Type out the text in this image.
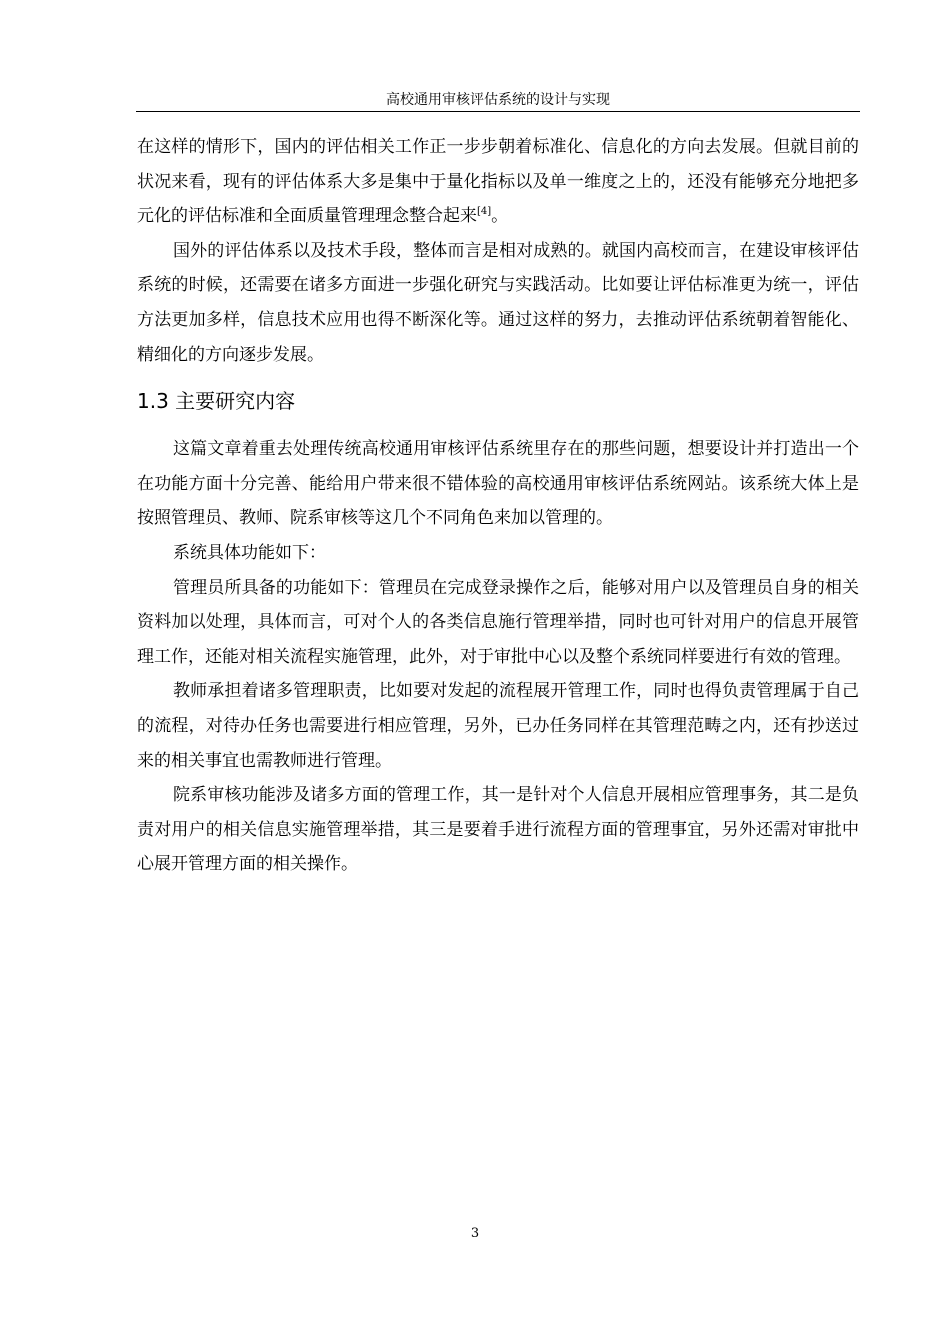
高校通用审核评估系统的设计与实现

在这样的情形下，国内的评估相关工作正一步步朝着标准化、信息化的方向去发展。但就目前的状况来看，现有的评估体系大多是集中于量化指标以及单一维度之上的，还没有能够充分地把多元化的评估标准和全面质量管理理念整合起来[4]。

国外的评估体系以及技术手段，整体而言是相对成熟的。就国内高校而言，在建设审核评估系统的时候，还需要在诸多方面进一步强化研究与实践活动。比如要让评估标准更为统一，评估方法更加多样，信息技术应用也得不断深化等。通过这样的努力，去推动评估系统朝着智能化、精细化的方向逐步发展。

1.3 主要研究内容

这篇文章着重去处理传统高校通用审核评估系统里存在的那些问题，想要设计并打造出一个在功能方面十分完善、能给用户带来很不错体验的高校通用审核评估系统网站。该系统大体上是按照管理员、教师、院系审核等这几个不同角色来加以管理的。

系统具体功能如下：

管理员所具备的功能如下：管理员在完成登录操作之后，能够对用户以及管理员自身的相关资料加以处理，具体而言，可对个人的各类信息施行管理举措，同时也可针对用户的信息开展管理工作，还能对相关流程实施管理，此外，对于审批中心以及整个系统同样要进行有效的管理。

教师承担着诸多管理职责，比如要对发起的流程展开管理工作，同时也得负责管理属于自己的流程，对待办任务也需要进行相应管理，另外，已办任务同样在其管理范畴之内，还有抄送过来的相关事宜也需教师进行管理。

院系审核功能涉及诸多方面的管理工作，其一是针对个人信息开展相应管理事务，其二是负责对用户的相关信息实施管理举措，其三是要着手进行流程方面的管理事宜，另外还需对审批中心展开管理方面的相关操作。

3
